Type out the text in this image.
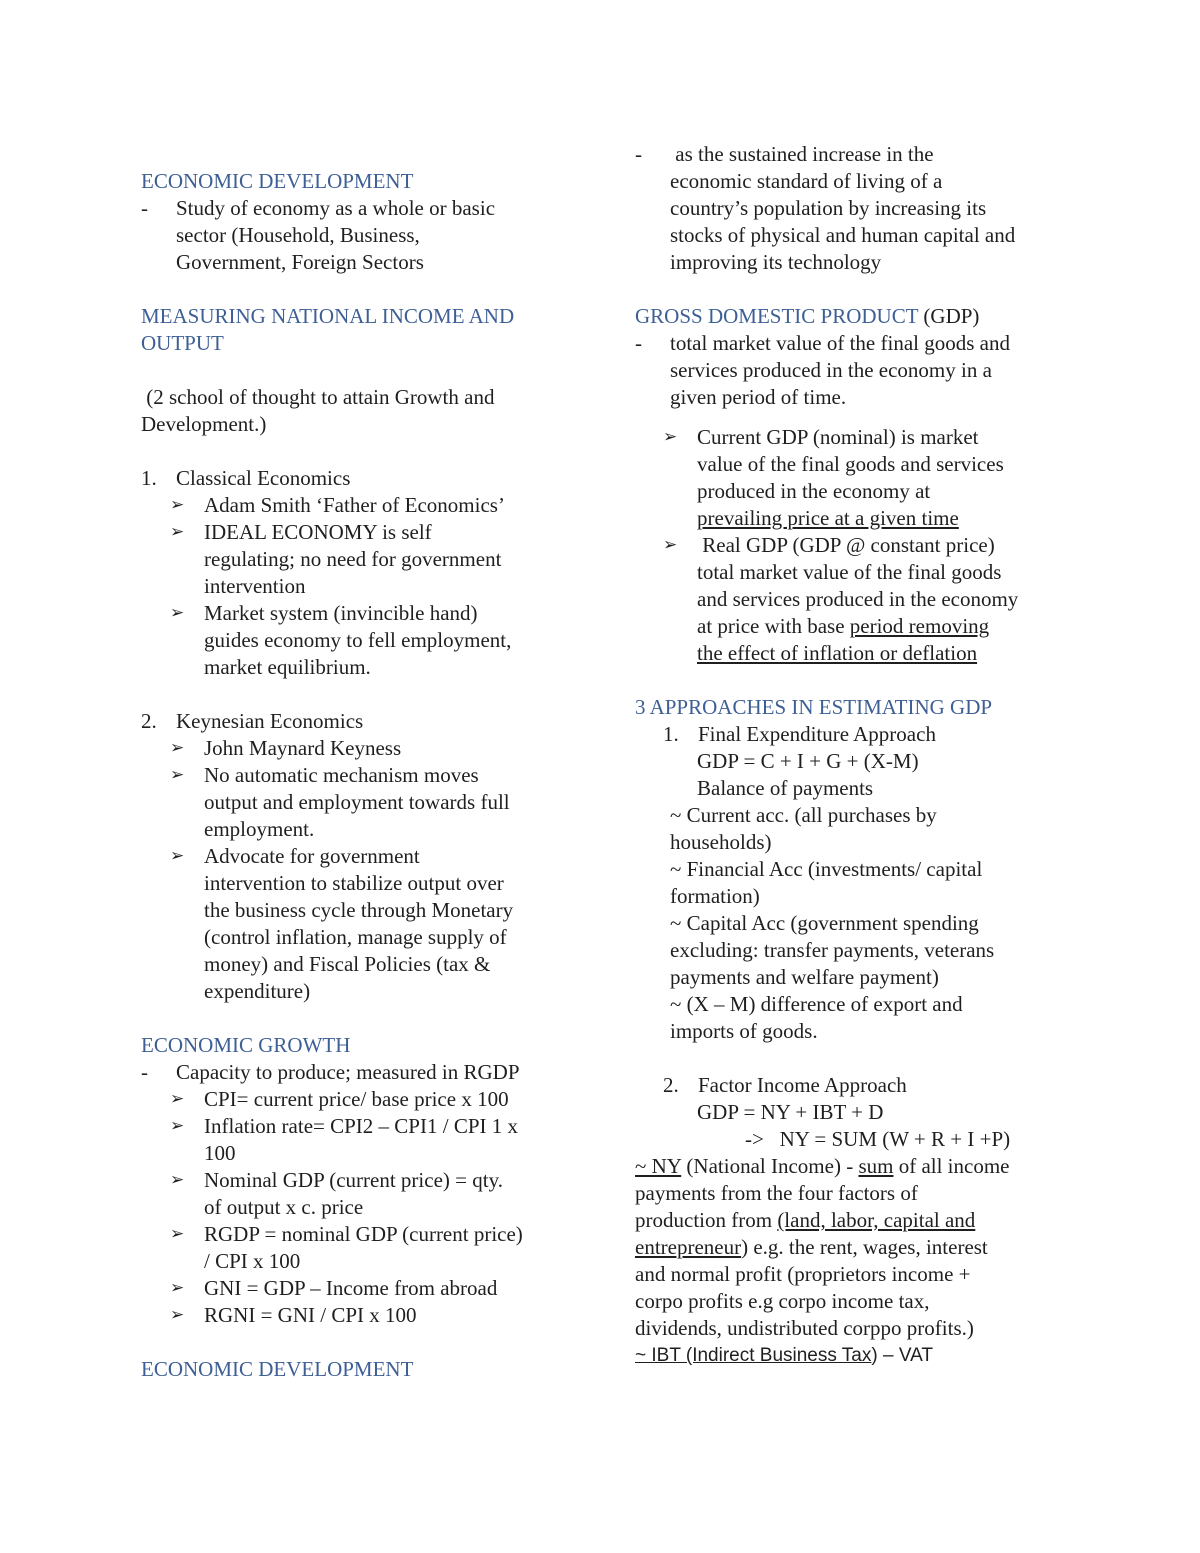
ECONOMIC DEVELOPMENT

-	Study of economy as a whole or basic

sector (Household, Business,

Government, Foreign Sectors

MEASURING NATIONAL INCOME AND

OUTPUT

(2 school of thought to attain Growth and

Development.)

1. Classical Economics
➢ Adam Smith ‘Father of Economics’

➢ IDEAL ECONOMY is self

regulating; no need for government

intervention

➢ Market system (invincible hand)

guides economy to fell employment,

market equilibrium.

2. Keynesian Economics
➢ John Maynard Keyness

➢ No automatic mechanism moves

output and employment towards full

employment.

➢ Advocate for government

intervention to stabilize output over

the business cycle through Monetary

(control inflation, manage supply of

money) and Fiscal Policies (tax &

expenditure)

ECONOMIC GROWTH

-	Capacity to produce; measured in RGDP

➢ CPI= current price/ base price x 100

➢ Inflation rate= CPI2 – CPI1 / CPI 1 x

100

➢ Nominal GDP (current price) = qty.

of output x c. price

➢ RGDP = nominal GDP (current price)

/ CPI x 100

➢ GNI = GDP – Income from abroad

➢ RGNI = GNI / CPI x 100

ECONOMIC DEVELOPMENT

-	as the sustained increase in the

economic standard of living of a

country’s population by increasing its

stocks of physical and human capital and

improving its technology

GROSS DOMESTIC PRODUCT (GDP)

-	total market value of the final goods and

services produced in the economy in a

given period of time.

➢ Current GDP (nominal) is market

value of the final goods and services

produced in the economy at

prevailing price at a given time

➢ Real GDP (GDP @ constant price)

total market value of the final goods

and services produced in the economy

at price with base period removing

the effect of inflation or deflation

3 APPROACHES IN ESTIMATING GDP

1. Final Expenditure Approach

GDP = C + I + G + (X-M)

Balance of payments

~ Current acc. (all purchases by

households)

~ Financial Acc (investments/ capital

formation)

~ Capital Acc (government spending

excluding: transfer payments, veterans

payments and welfare payment)

~ (X – M) difference of export and

imports of goods.

2. Factor Income Approach

GDP = NY + IBT + D

->   NY = SUM (W + R + I +P)

~ NY (National Income) - sum of all income

payments from the four factors of

production from (land, labor, capital and

entrepreneur) e.g. the rent, wages, interest

and normal profit (proprietors income +

corpo profits e.g corpo income tax,

dividends, undistributed corppo profits.)

~ IBT (Indirect Business Tax) – VAT
